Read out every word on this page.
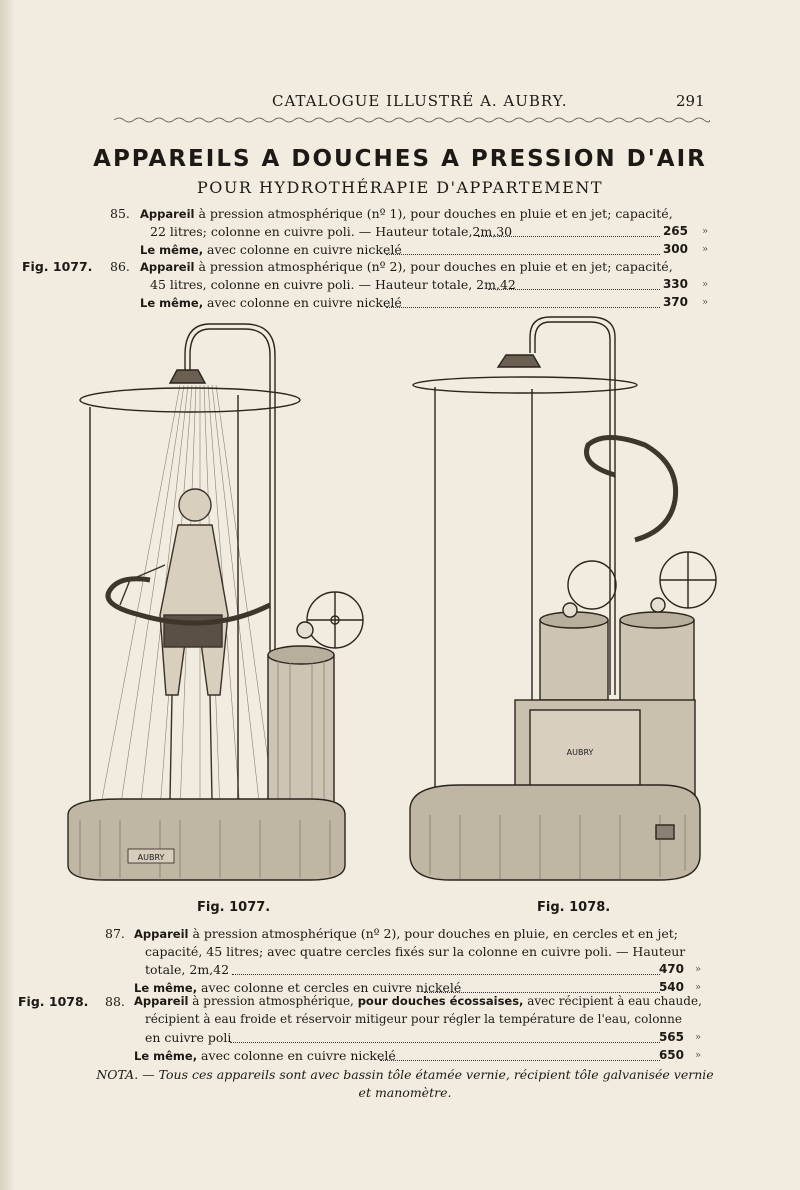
CATALOGUE ILLUSTRÉ A. AUBRY.	291
APPAREILS A DOUCHES A PRESSION D'AIR
POUR HYDROTHÉRAPIE D'APPARTEMENT
85. Appareil à pression atmosphérique (nº 1), pour douches en pluie et en jet; capacité,
22 litres; colonne en cuivre poli. — Hauteur totale,2m,30	265 »
Le même, avec colonne en cuivre nickelé	300 »
Fig. 1077. 86. Appareil à pression atmosphérique (nº 2), pour douches en pluie et en jet; capacité,
45 litres, colonne en cuivre poli. — Hauteur totale, 2m,42	330 »
Le même, avec colonne en cuivre nickelé	370 »
AUBRY
AUBRY
Fig. 1077.	Fig. 1078.
87. Appareil à pression atmosphérique (nº 2), pour douches en pluie, en cercles et en jet;
capacité, 45 litres; avec quatre cercles fixés sur la colonne en cuivre poli. — Hauteur
totale, 2m,42	470 »
Le même, avec colonne et cercles en cuivre nickelé	540 »
Fig. 1078. 88. Appareil à pression atmosphérique, pour douches écossaises, avec récipient à eau chaude,
récipient à eau froide et réservoir mitigeur pour régler la température de l'eau, colonne
en cuivre poli	565 »
Le même, avec colonne en cuivre nickelé	650 »
NOTA. — Tous ces appareils sont avec bassin tôle étamée vernie, récipient tôle galvanisée vernie
et manomètre.
